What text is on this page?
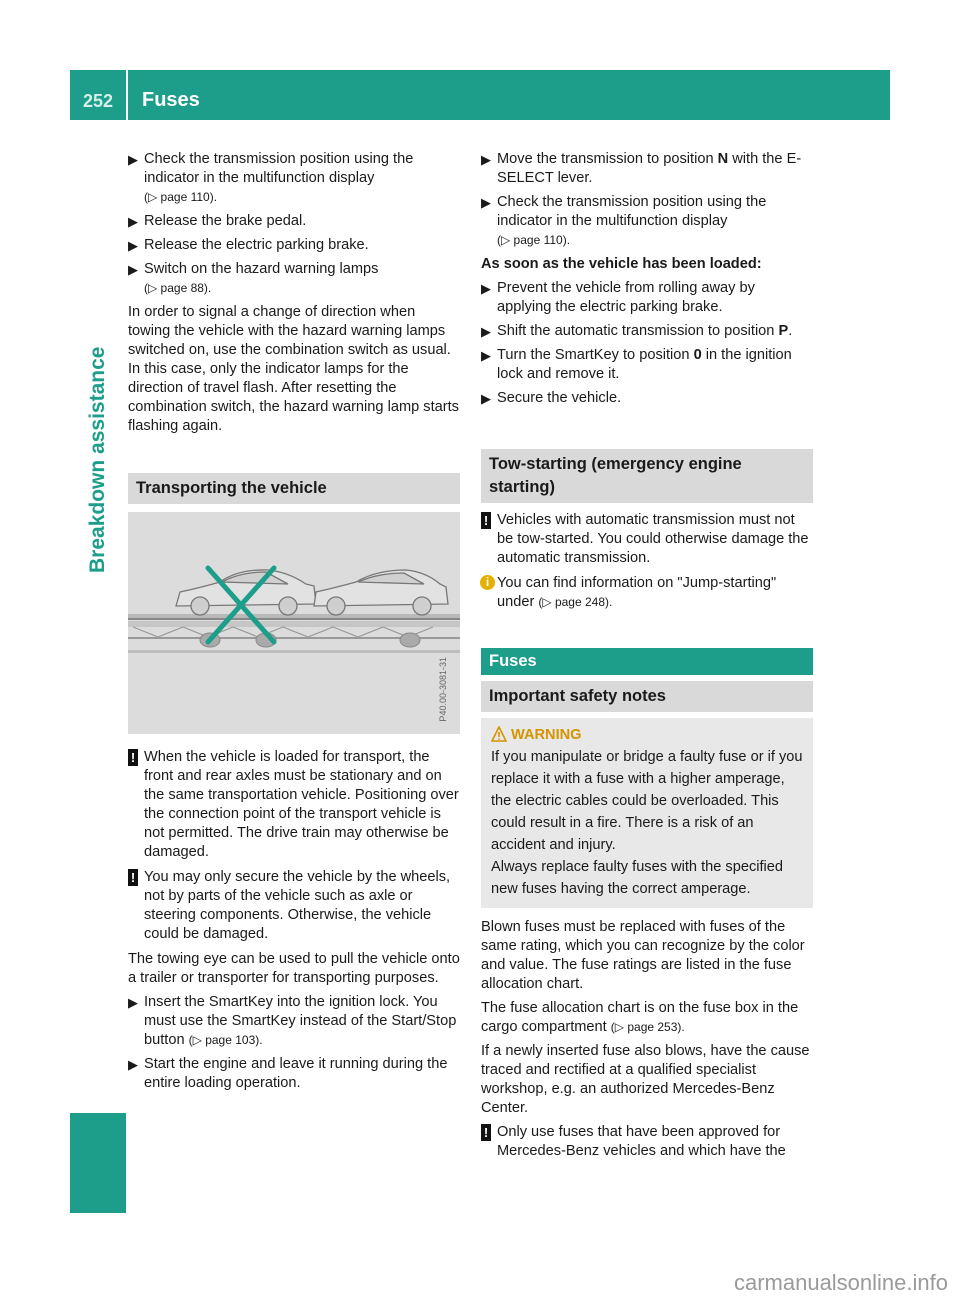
252	Fuses
Breakdown assistance
▶ Check the transmission position using the indicator in the multifunction display
(▷ page 110).
▶ Release the brake pedal.
▶ Release the electric parking brake.
▶ Switch on the hazard warning lamps
(▷ page 88).

In order to signal a change of direction when towing the vehicle with the hazard warning lamps switched on, use the combination switch as usual. In this case, only the indicator lamps for the direction of travel flash. After resetting the combination switch, the hazard warning lamp starts flashing again.

Transporting the vehicle
P40.00-3081-31
! When the vehicle is loaded for transport, the front and rear axles must be stationary and on the same transportation vehicle. Positioning over the connection point of the transport vehicle is not permitted. The drive train may otherwise be damaged.
! You may only secure the vehicle by the wheels, not by parts of the vehicle such as axle or steering components. Otherwise, the vehicle could be damaged.

The towing eye can be used to pull the vehicle onto a trailer or transporter for transporting purposes.

▶ Insert the SmartKey into the ignition lock. You must use the SmartKey instead of the Start/Stop button (▷ page 103).
▶ Start the engine and leave it running during the entire loading operation.
▶ Move the transmission to position N with the E-SELECT lever.
▶ Check the transmission position using the indicator in the multifunction display
(▷ page 110).

As soon as the vehicle has been loaded:

▶ Prevent the vehicle from rolling away by applying the electric parking brake.
▶ Shift the automatic transmission to position P.
▶ Turn the SmartKey to position 0 in the ignition lock and remove it.
▶ Secure the vehicle.
Tow-starting (emergency engine starting)
! Vehicles with automatic transmission must not be tow-started. You could otherwise damage the automatic transmission.
i You can find information on "Jump-starting" under (▷ page 248).
Fuses
Important safety notes
WARNING
If you manipulate or bridge a faulty fuse or if you replace it with a fuse with a higher amperage, the electric cables could be overloaded. This could result in a fire. There is a risk of an accident and injury.
Always replace faulty fuses with the specified new fuses having the correct amperage.

Blown fuses must be replaced with fuses of the same rating, which you can recognize by the color and value. The fuse ratings are listed in the fuse allocation chart.

The fuse allocation chart is on the fuse box in the cargo compartment (▷ page 253).

If a newly inserted fuse also blows, have the cause traced and rectified at a qualified specialist workshop, e.g. an authorized Mercedes-Benz Center.

! Only use fuses that have been approved for Mercedes-Benz vehicles and which have the
carmanualsonline.info
